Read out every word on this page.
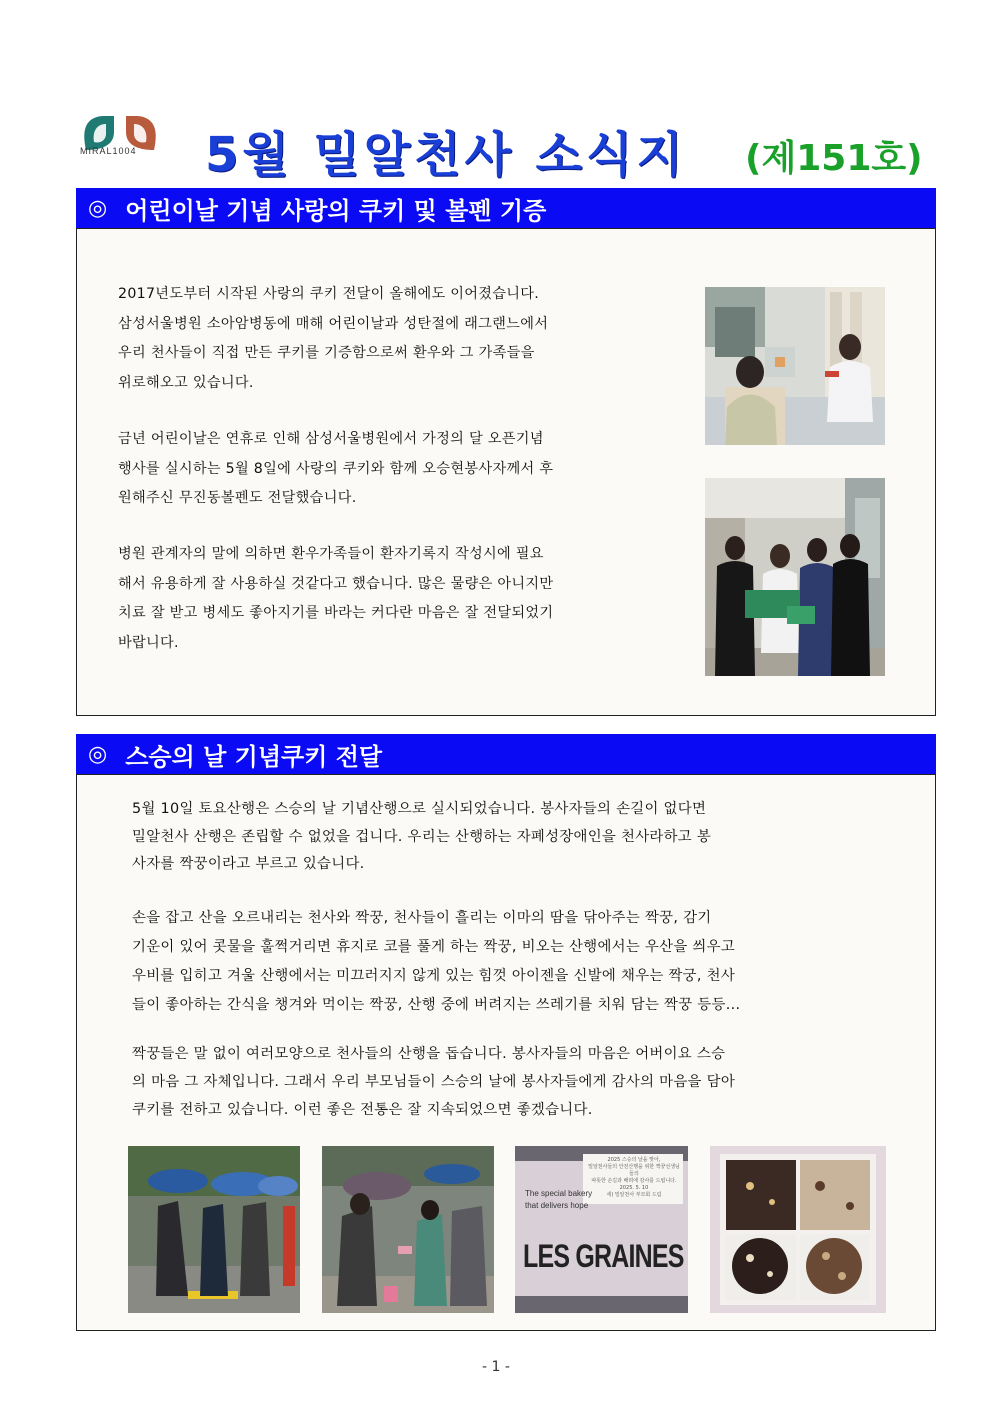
MIRAL1004	5월 밀알천사 소식지 (제151호)
◎ 어린이날 기념 사랑의 쿠키 및 볼펜 기증
2017년도부터 시작된 사랑의 쿠키 전달이 올해에도 이어졌습니다.
삼성서울병원 소아암병동에 매해 어린이날과 성탄절에 래그랜느에서
우리 천사들이 직접 만든 쿠키를 기증함으로써 환우와 그 가족들을
위로해오고 있습니다.
금년 어린이날은 연휴로 인해 삼성서울병원에서 가정의 달 오픈기념
행사를 실시하는 5월 8일에 사랑의 쿠키와 함께 오승현봉사자께서 후
원해주신 무진동볼펜도 전달했습니다.
병원 관계자의 말에 의하면 환우가족들이 환자기록지 작성시에 필요
해서 유용하게 잘 사용하실 것같다고 했습니다. 많은 물량은 아니지만
치료 잘 받고 병세도 좋아지기를 바라는 커다란 마음은 잘 전달되었기
바랍니다.
◎ 스승의 날 기념쿠키 전달
5월 10일 토요산행은 스승의 날 기념산행으로 실시되었습니다. 봉사자들의 손길이 없다면
밀알천사 산행은 존립할 수 없었을 겁니다. 우리는 산행하는 자폐성장애인을 천사라하고 봉
사자를 짝꿍이라고 부르고 있습니다.
손을 잡고 산을 오르내리는 천사와 짝꿍, 천사들이 흘리는 이마의 땀을 닦아주는 짝꿍, 감기
기운이 있어 콧물을 훌쩍거리면 휴지로 코를 풀게 하는 짝꿍, 비오는 산행에서는 우산을 씌우고
우비를 입히고 겨울 산행에서는 미끄러지지 않게 있는 힘껏 아이젠을 신발에 채우는 짝궁, 천사
들이 좋아하는 간식을 챙겨와 먹이는 짝꿍, 산행 중에 버려지는 쓰레기를 치워 담는 짝꿍 등등...
짝꿍들은 말 없이 여러모양으로 천사들의 산행을 돕습니다. 봉사자들의 마음은 어버이요 스승
의 마음 그 자체입니다. 그래서 우리 부모님들이 스승의 날에 봉사자들에게 감사의 마음을 담아
쿠키를 전하고 있습니다. 이런 좋은 전통은 잘 지속되었으면 좋겠습니다.
2025 스승의 날을 맞아,
밀알천사들의 안전산행을 위한 짝꿍선생님들의
따뜻한 손길과 배려에 감사를 드립니다.
2025. 5. 10
세) 밀알천사 부모회 드림
The special bakery
that delivers hope
LES GRAINES
- 1 -
